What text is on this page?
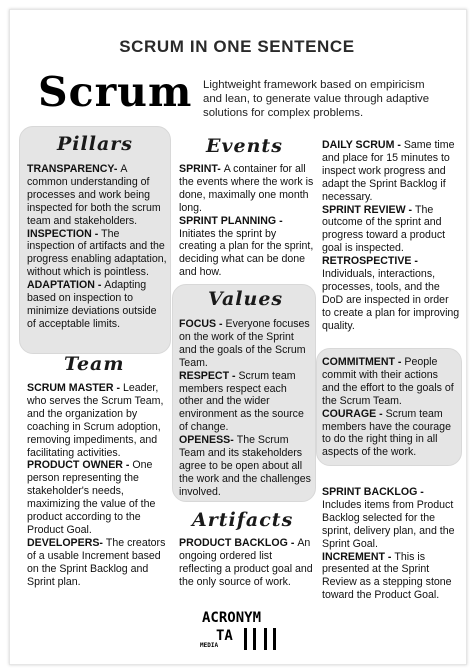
SCRUM IN ONE SENTENCE
Scrum Lightweight framework based on empiricism and lean, to generate value through adaptive solutions for complex problems.
Pillars

TRANSPARENCY- A common understanding of processes and work being inspected for both the scrum team and stakeholders.

INSPECTION - The inspection of artifacts and the progress enabling adaptation, without which is pointless.

ADAPTATION - Adapting based on inspection to minimize deviations outside of acceptable limits.

Events

SPRINT- A container for all the events where the work is done, maximally one month long.

SPRINT PLANNING - Initiates the sprint by creating a plan for the sprint, deciding what can be done and how.

DAILY SCRUM - Same time and place for 15 minutes to inspect work progress and adapt the Sprint Backlog if necessary.

SPRINT REVIEW - The outcome of the sprint and progress toward a product goal is inspected.

RETROSPECTIVE - Individuals, interactions, processes, tools, and the DoD are inspected in order to create a plan for improving quality.

Values

FOCUS - Everyone focuses on the work of the Sprint and the goals of the Scrum Team.

RESPECT - Scrum team members respect each other and the wider environment as the source of change.

OPENESS- The Scrum Team and its stakeholders agree to be open about all the work and the challenges involved.

COMMITMENT - People commit with their actions and the effort to the goals of the Scrum Team.

COURAGE - Scrum team members have the courage to do the right thing in all aspects of the work.

Team

SCRUM MASTER - Leader, who serves the Scrum Team, and the organization by coaching in Scrum adoption, removing impediments, and facilitating activities.

PRODUCT OWNER - One person representing the stakeholder's needs, maximizing the value of the product according to the Product Goal.

DEVELOPERS- The creators of a usable Increment based on the Sprint Backlog and Sprint plan.

Artifacts

PRODUCT BACKLOG - An ongoing ordered list reflecting a product goal and the only source of work.

SPRINT BACKLOG - Includes items from Product Backlog selected for the sprint, delivery plan, and the Sprint Goal.

INCREMENT - This is presented at the Sprint Review as a stepping stone toward the Product Goal.

ACRONYM
TA
MEDIA
